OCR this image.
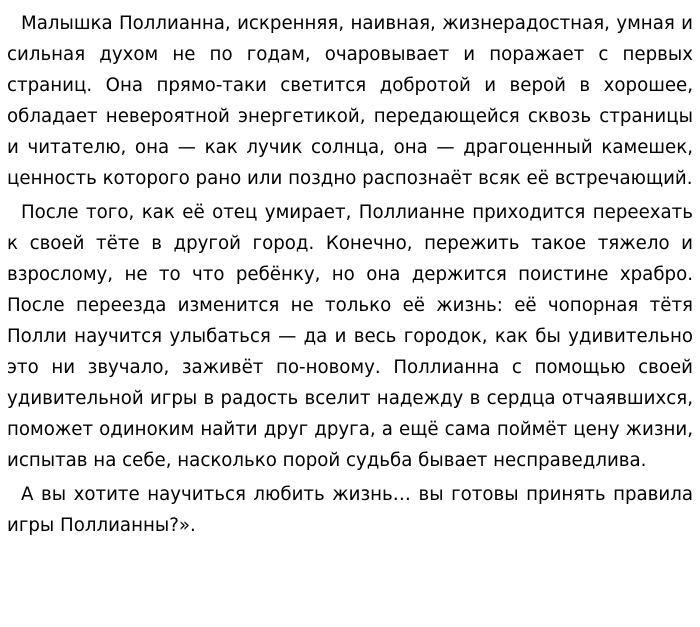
Малышка Поллианна, искренняя, наивная, жизнерадостная, умная и сильная духом не по годам, очаровывает и поражает с первых страниц. Она прямо-таки светится добротой и верой в хорошее, обладает невероятной энергетикой, передающейся сквозь страницы и читателю, она — как лучик солнца, она — драгоценный камешек, ценность которого рано или поздно распознаёт всяк её встречающий.

После того, как её отец умирает, Поллианне приходится переехать к своей тёте в другой город. Конечно, пережить такое тяжело и взрослому, не то что ребёнку, но она держится поистине храбро. После переезда изменится не только её жизнь: её чопорная тётя Полли научится улыбаться — да и весь городок, как бы удивительно это ни звучало, заживёт по-новому. Поллианна с помощью своей удивительной игры в радость вселит надежду в сердца отчаявшихся, поможет одиноким найти друг друга, а ещё сама поймёт цену жизни, испытав на себе, насколько порой судьба бывает несправедлива.

А вы хотите научиться любить жизнь… вы готовы принять правила игры Поллианны?».
